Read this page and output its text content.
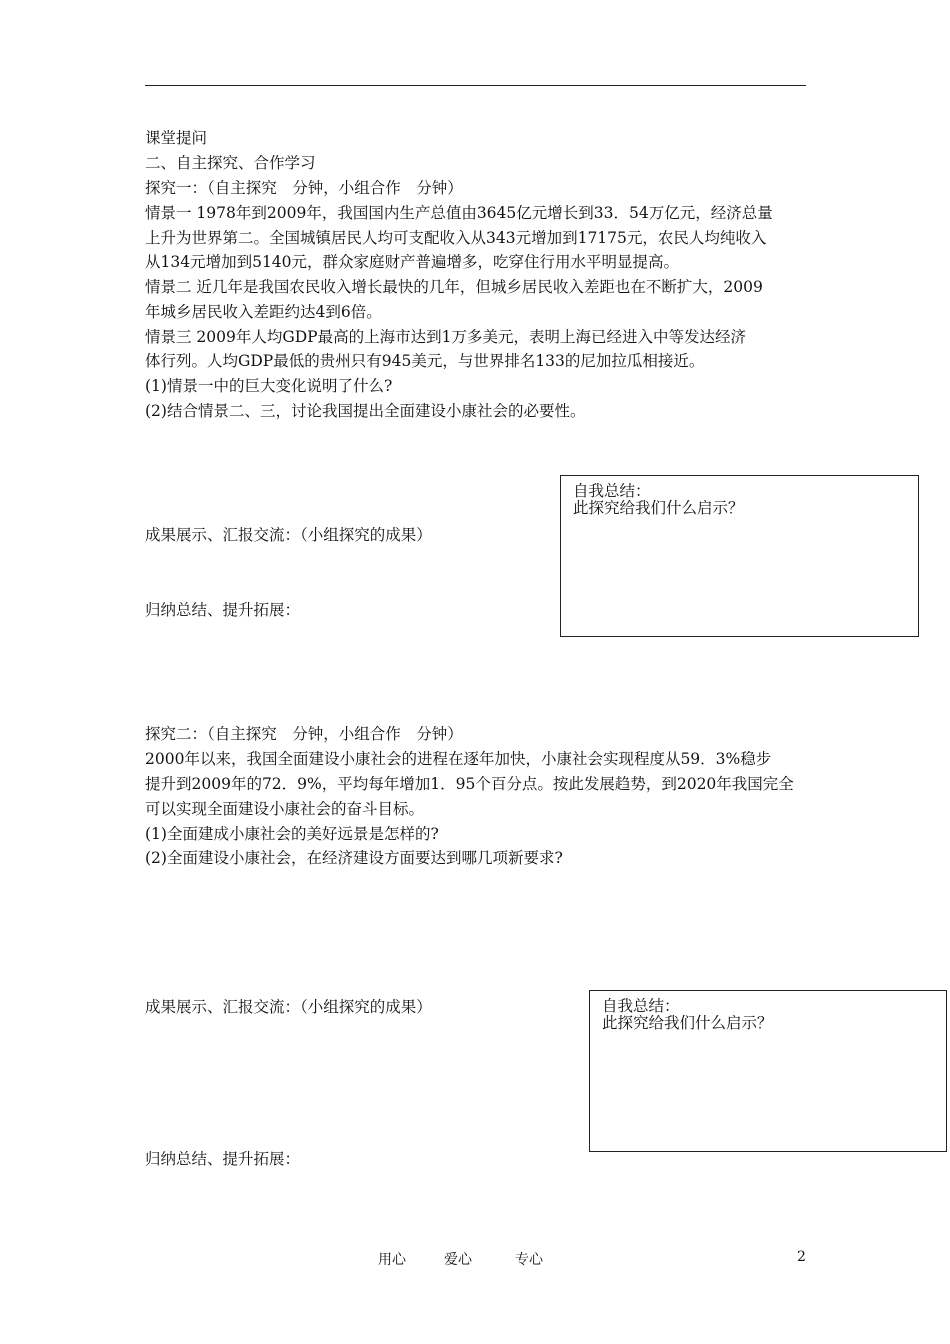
课堂提问
二、自主探究、合作学习
探究一：（自主探究　分钟，小组合作　分钟）
情景一 1978年到2009年，我国国内生产总值由3645亿元增长到33．54万亿元，经济总量
上升为世界第二。全国城镇居民人均可支配收入从343元增加到17175元，农民人均纯收入
从134元增加到5140元，群众家庭财产普遍增多，吃穿住行用水平明显提高。
情景二 近几年是我国农民收入增长最快的几年，但城乡居民收入差距也在不断扩大，2009
年城乡居民收入差距约达4到6倍。
情景三 2009年人均GDP最高的上海市达到1万多美元，表明上海已经进入中等发达经济
体行列。人均GDP最低的贵州只有945美元，与世界排名133的尼加拉瓜相接近。
(1)情景一中的巨大变化说明了什么?
(2)结合情景二、三，讨论我国提出全面建设小康社会的必要性。
成果展示、汇报交流：（小组探究的成果）
归纳总结、提升拓展：
自我总结：
此探究给我们什么启示？
探究二：（自主探究　分钟，小组合作　分钟）
2000年以来，我国全面建设小康社会的进程在逐年加快，小康社会实现程度从59．3%稳步
提升到2009年的72．9%，平均每年增加1．95个百分点。按此发展趋势，到2020年我国完全
可以实现全面建设小康社会的奋斗目标。
(1)全面建成小康社会的美好远景是怎样的?
(2)全面建设小康社会，在经济建设方面要达到哪几项新要求?
成果展示、汇报交流：（小组探究的成果）
归纳总结、提升拓展：
自我总结：
此探究给我们什么启示？
用心	爱心	专心	2
